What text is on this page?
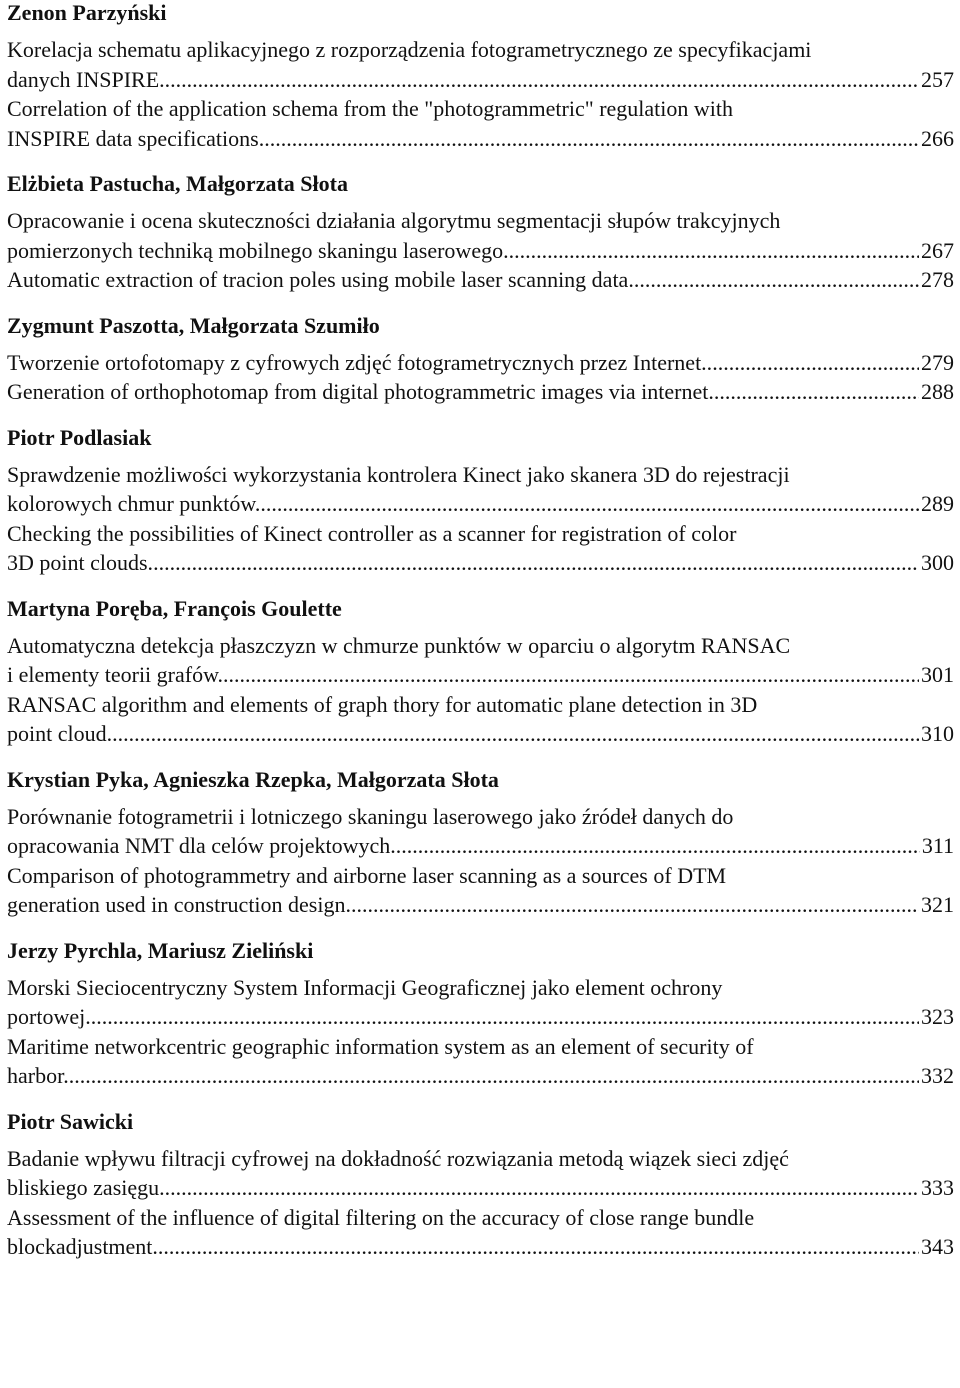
Zenon Parzyński
Korelacja schematu aplikacyjnego z rozporządzenia fotogrametrycznego ze specyfikacjami
danych INSPIRE. .....	257
Correlation of the application schema from the "photogrammetric" regulation with
INSPIRE data specifications. .....	266
Elżbieta Pastucha, Małgorzata Słota
Opracowanie i ocena skuteczności działania algorytmu segmentacji słupów trakcyjnych
pomierzonych techniką mobilnego skaningu laserowego. .....	267
Automatic extraction of tracion poles using mobile laser scanning data. .....	278
Zygmunt Paszotta, Małgorzata Szumiło
Tworzenie ortofotomapy z cyfrowych zdjęć fotogrametrycznych przez Internet.. .....	279
Generation of orthophotomap from digital photogrammetric images via internet. .....	288
Piotr Podlasiak
Sprawdzenie możliwości wykorzystania kontrolera Kinect jako skanera 3D do rejestracji
kolorowych chmur punktów. .....	289
Checking the possibilities of Kinect controller as a scanner for registration of color
3D point clouds. .....	300
Martyna Poręba, François Goulette
Automatyczna detekcja płaszczyzn w chmurze punktów w oparciu o algorytm RANSAC
i elementy teorii grafów. .....	301
RANSAC algorithm and elements of graph thory for automatic plane detection in 3D
point cloud. .....	310
Krystian Pyka, Agnieszka Rzepka, Małgorzata Słota
Porównanie fotogrametrii i lotniczego skaningu laserowego jako źródeł danych do
opracowania NMT dla celów projektowych. .....	311
Comparison of photogrammetry and airborne laser scanning as a sources of DTM
generation used in construction design. .....	321
Jerzy Pyrchla, Mariusz Zieliński
Morski Sieciocentryczny System Informacji Geograficznej jako element ochrony
portowej. .....	323
Maritime networkcentric geographic information system as an element of security of
harbor. .....	332
Piotr Sawicki
Badanie wpływu filtracji cyfrowej na dokładność rozwiązania metodą wiązek sieci zdjęć
bliskiego zasięgu. .....	333
Assessment of the influence of digital filtering on the accuracy of close range bundle
blockadjustment. .....	343
